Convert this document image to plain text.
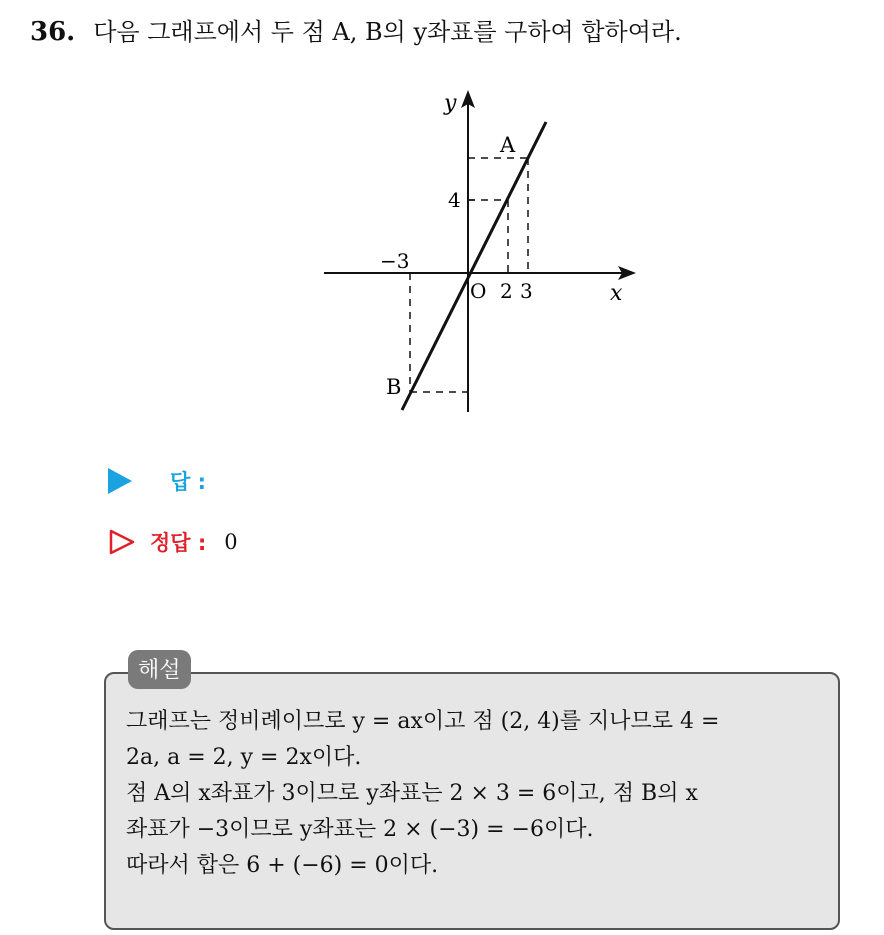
36. 다음 그래프에서 두 점 A, B의 y좌표를 구하여 합하여라.
y
x
A
B
4
−3
O 2 3
답 :
정답 : 0
해설
그래프는 정비례이므로 y = ax이고 점 (2, 4)를 지나므로 4 =
2a, a = 2, y = 2x이다.
점 A의 x좌표가 3이므로 y좌표는 2 × 3 = 6이고, 점 B의 x
좌표가 −3이므로 y좌표는 2 × (−3) = −6이다.
따라서 합은 6 + (−6) = 0이다.
